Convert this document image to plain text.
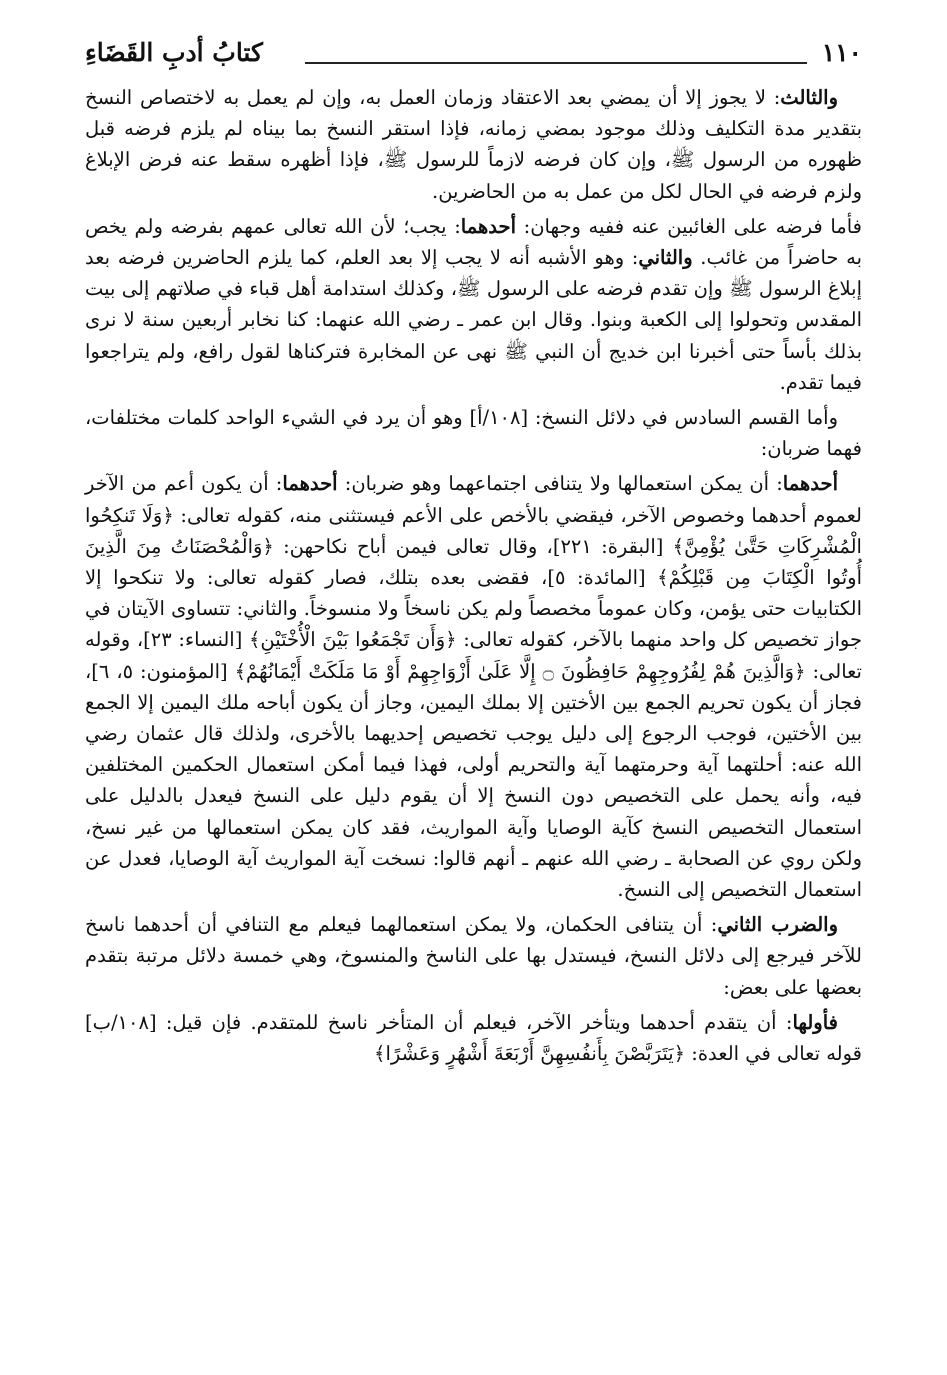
١١٠
كتابُ أدبِ القَضَاءِ

والثالث: لا يجوز إلا أن يمضي بعد الاعتقاد وزمان العمل به، وإن لم يعمل به لاختصاص النسخ بتقدير مدة التكليف وذلك موجود بمضي زمانه، فإذا استقر النسخ بما بيناه لم يلزم فرضه قبل ظهوره من الرسول ﷺ، وإن كان فرضه لازماً للرسول ﷺ، فإذا أظهره سقط عنه فرض الإبلاغ ولزم فرضه في الحال لكل من عمل به من الحاضرين.

فأما فرضه على الغائبين عنه ففيه وجهان: أحدهما: يجب؛ لأن الله تعالى عمهم بفرضه ولم يخص به حاضراً من غائب. والثاني: وهو الأشبه أنه لا يجب إلا بعد العلم، كما يلزم الحاضرين فرضه بعد إبلاغ الرسول ﷺ وإن تقدم فرضه على الرسول ﷺ، وكذلك استدامة أهل قباء في صلاتهم إلى بيت المقدس وتحولوا إلى الكعبة وبنوا. وقال ابن عمر ـ رضي الله عنهما: كنا نخابر أربعين سنة لا نرى بذلك بأساً حتى أخبرنا ابن خديج أن النبي ﷺ نهى عن المخابرة فتركناها لقول رافع، ولم يتراجعوا فيما تقدم.

وأما القسم السادس في دلائل النسخ: [١٠٨/أ] وهو أن يرد في الشيء الواحد كلمات مختلفات، فهما ضربان:

أحدهما: أن يمكن استعمالها ولا يتنافى اجتماعهما وهو ضربان: أحدهما: أن يكون أعم من الآخر لعموم أحدهما وخصوص الآخر، فيقضي بالأخص على الأعم فيستثنى منه، كقوله تعالى: ﴿وَلَا تَنكِحُوا الْمُشْرِكَاتِ حَتَّىٰ يُؤْمِنَّ﴾ [البقرة: ٢٢١]، وقال تعالى فيمن أباح نكاحهن: ﴿وَالْمُحْصَنَاتُ مِنَ الَّذِينَ أُوتُوا الْكِتَابَ مِن قَبْلِكُمْ﴾ [المائدة: ٥]، فقضى بعده بتلك، فصار كقوله تعالى: ولا تنكحوا إلا الكتابيات حتى يؤمن، وكان عموماً مخصصاً ولم يكن ناسخاً ولا منسوخاً. والثاني: تتساوى الآيتان في جواز تخصيص كل واحد منهما بالآخر، كقوله تعالى: ﴿وَأَن تَجْمَعُوا بَيْنَ الْأُخْتَيْنِ﴾ [النساء: ٢٣]، وقوله تعالى: ﴿وَالَّذِينَ هُمْ لِفُرُوجِهِمْ حَافِظُونَ ۝ إِلَّا عَلَىٰ أَزْوَاجِهِمْ أَوْ مَا مَلَكَتْ أَيْمَانُهُمْ﴾ [المؤمنون: ٥، ٦]، فجاز أن يكون تحريم الجمع بين الأختين إلا بملك اليمين، وجاز أن يكون أباحه ملك اليمين إلا الجمع بين الأختين، فوجب الرجوع إلى دليل يوجب تخصيص إحديهما بالأخرى، ولذلك قال عثمان رضي الله عنه: أحلتهما آية وحرمتهما آية والتحريم أولى، فهذا فيما أمكن استعمال الحكمين المختلفين فيه، وأنه يحمل على التخصيص دون النسخ إلا أن يقوم دليل على النسخ فيعدل بالدليل على استعمال التخصيص النسخ كآية الوصايا وآية المواريث، فقد كان يمكن استعمالها من غير نسخ، ولكن روي عن الصحابة ـ رضي الله عنهم ـ أنهم قالوا: نسخت آية المواريث آية الوصايا، فعدل عن استعمال التخصيص إلى النسخ.

والضرب الثاني: أن يتنافى الحكمان، ولا يمكن استعمالهما فيعلم مع التنافي أن أحدهما ناسخ للآخر فيرجع إلى دلائل النسخ، فيستدل بها على الناسخ والمنسوخ، وهي خمسة دلائل مرتبة بتقدم بعضها على بعض:

فأولها: أن يتقدم أحدهما ويتأخر الآخر، فيعلم أن المتأخر ناسخ للمتقدم. فإن قيل: [١٠٨/ب] قوله تعالى في العدة: ﴿يَتَرَبَّصْنَ بِأَنفُسِهِنَّ أَرْبَعَةَ أَشْهُرٍ وَعَشْرًا﴾
